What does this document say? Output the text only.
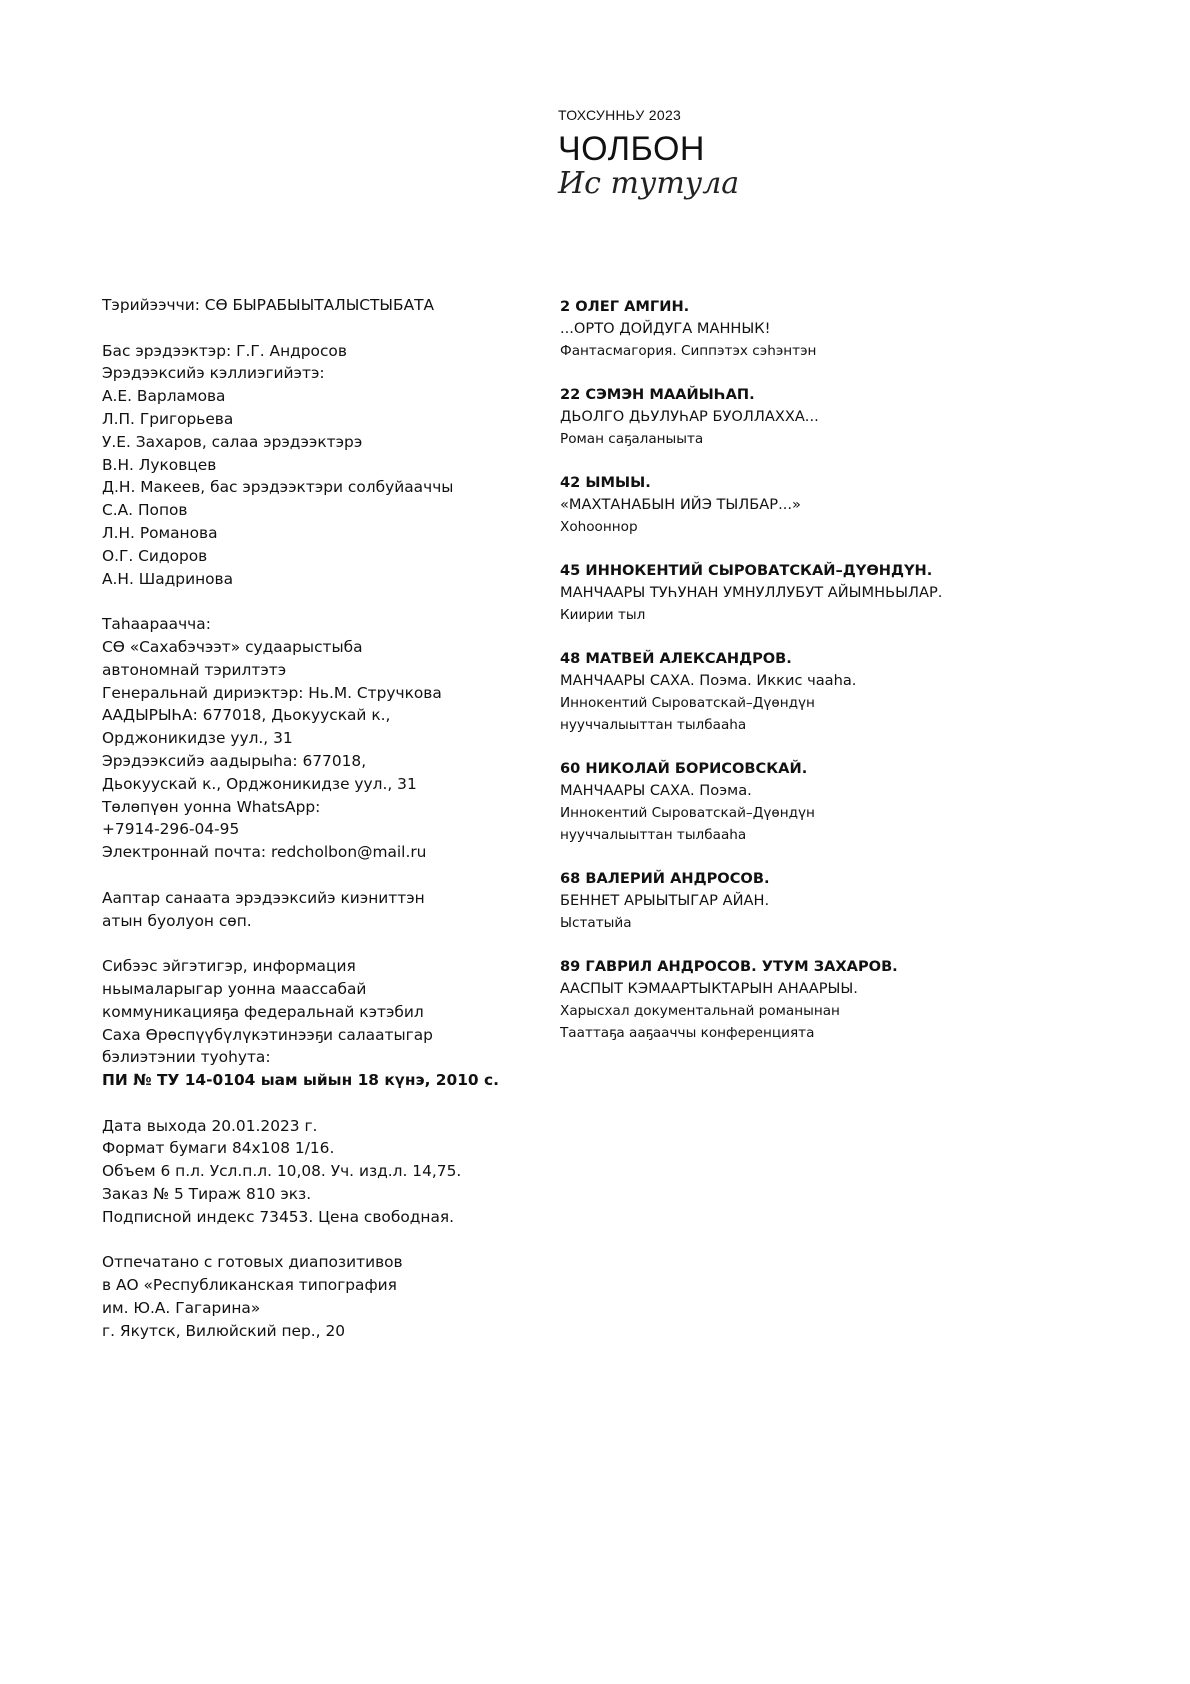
ТОХСУННЬУ 2023
ЧОЛБОН
Ис тутула
Тэрийээччи: СӨ БЫРАБЫЫТАЛЫСТЫБАТА
Бас эрэдээктэр: Г.Г. Андросов
Эрэдээксийэ кэллиэгийэтэ:
А.Е. Варламова
Л.П. Григорьева
У.Е. Захаров, салаа эрэдээктэрэ
В.Н. Луковцев
Д.Н. Макеев, бас эрэдээктэри солбуйааччы
С.А. Попов
Л.Н. Романова
О.Г. Сидоров
А.Н. Шадринова
Таһаараачча:
СӨ «Сахабэчээт» судаарыстыба
автономнай тэрилтэтэ
Генеральнай дириэктэр: Нь.М. Стручкова
ААДЫРЫҺА: 677018, Дьокуускай к.,
Орджоникидзе уул., 31
Эрэдээксийэ аадырыһа: 677018,
Дьокуускай к., Орджоникидзе уул., 31
Төлөпүөн уонна WhatsApp:
+7914-296-04-95
Электроннай почта: redcholbon@mail.ru
Ааптар санаата эрэдээксийэ киэниттэн
атын буолуон сөп.
Сибээс эйгэтигэр, информация
ньымаларыгар уонна маассабай
коммуникацияҕа федеральнай кэтэбил
Саха Өрөспүүбүлүкэтинээҕи салаатыгар
бэлиэтэнии туоһута:
ПИ № ТУ 14-0104 ыам ыйын 18 күнэ, 2010 с.
Дата выхода 20.01.2023 г.
Формат бумаги 84х108 1/16.
Объем 6 п.л. Усл.п.л. 10,08. Уч. изд.л. 14,75.
Заказ № 5 Тираж 810 экз.
Подписной индекс 73453. Цена свободная.
Отпечатано с готовых диапозитивов
в АО «Республиканская типография
им. Ю.А. Гагарина»
г. Якутск, Вилюйский пер., 20
2 ОЛЕГ АМГИН.
...ОРТО ДОЙДУГА МАННЫК!
Фантасмагория. Сиппэтэх сэһэнтэн
22 СЭМЭН МААЙЫҺАП.
ДЬОЛГО ДЬУЛУҺАР БУОЛЛАХХА...
Роман саҕаланыыта
42 ЫМЫЫ.
«МАХТАНАБЫН ИЙЭ ТЫЛБАР...»
Хоһооннор
45 ИННОКЕНТИЙ СЫРОВАТСКАЙ–ДҮӨНДҮН.
МАНЧААРЫ ТУҺУНАН УМНУЛЛУБУТ АЙЫМНЬЫЛАР.
Киирии тыл
48 МАТВЕЙ АЛЕКСАНДРОВ.
МАНЧААРЫ САХА. Поэма. Иккис чааһа.
Иннокентий Сыроватскай–Дүөндүн
нууччалыыттан тылбааһа
60 НИКОЛАЙ БОРИСОВСКАЙ.
МАНЧААРЫ САХА. Поэма.
Иннокентий Сыроватскай–Дүөндүн
нууччалыыттан тылбааһа
68 ВАЛЕРИЙ АНДРОСОВ.
БЕННЕТ АРЫЫТЫГАР АЙАН.
Ыстатыйа
89 ГАВРИЛ АНДРОСОВ. УТУМ ЗАХАРОВ.
ААСПЫТ КЭМААРТЫКТАРЫН АНААРЫЫ.
Харысхал документальнай романынан
Тааттаҕа ааҕааччы конференцията
